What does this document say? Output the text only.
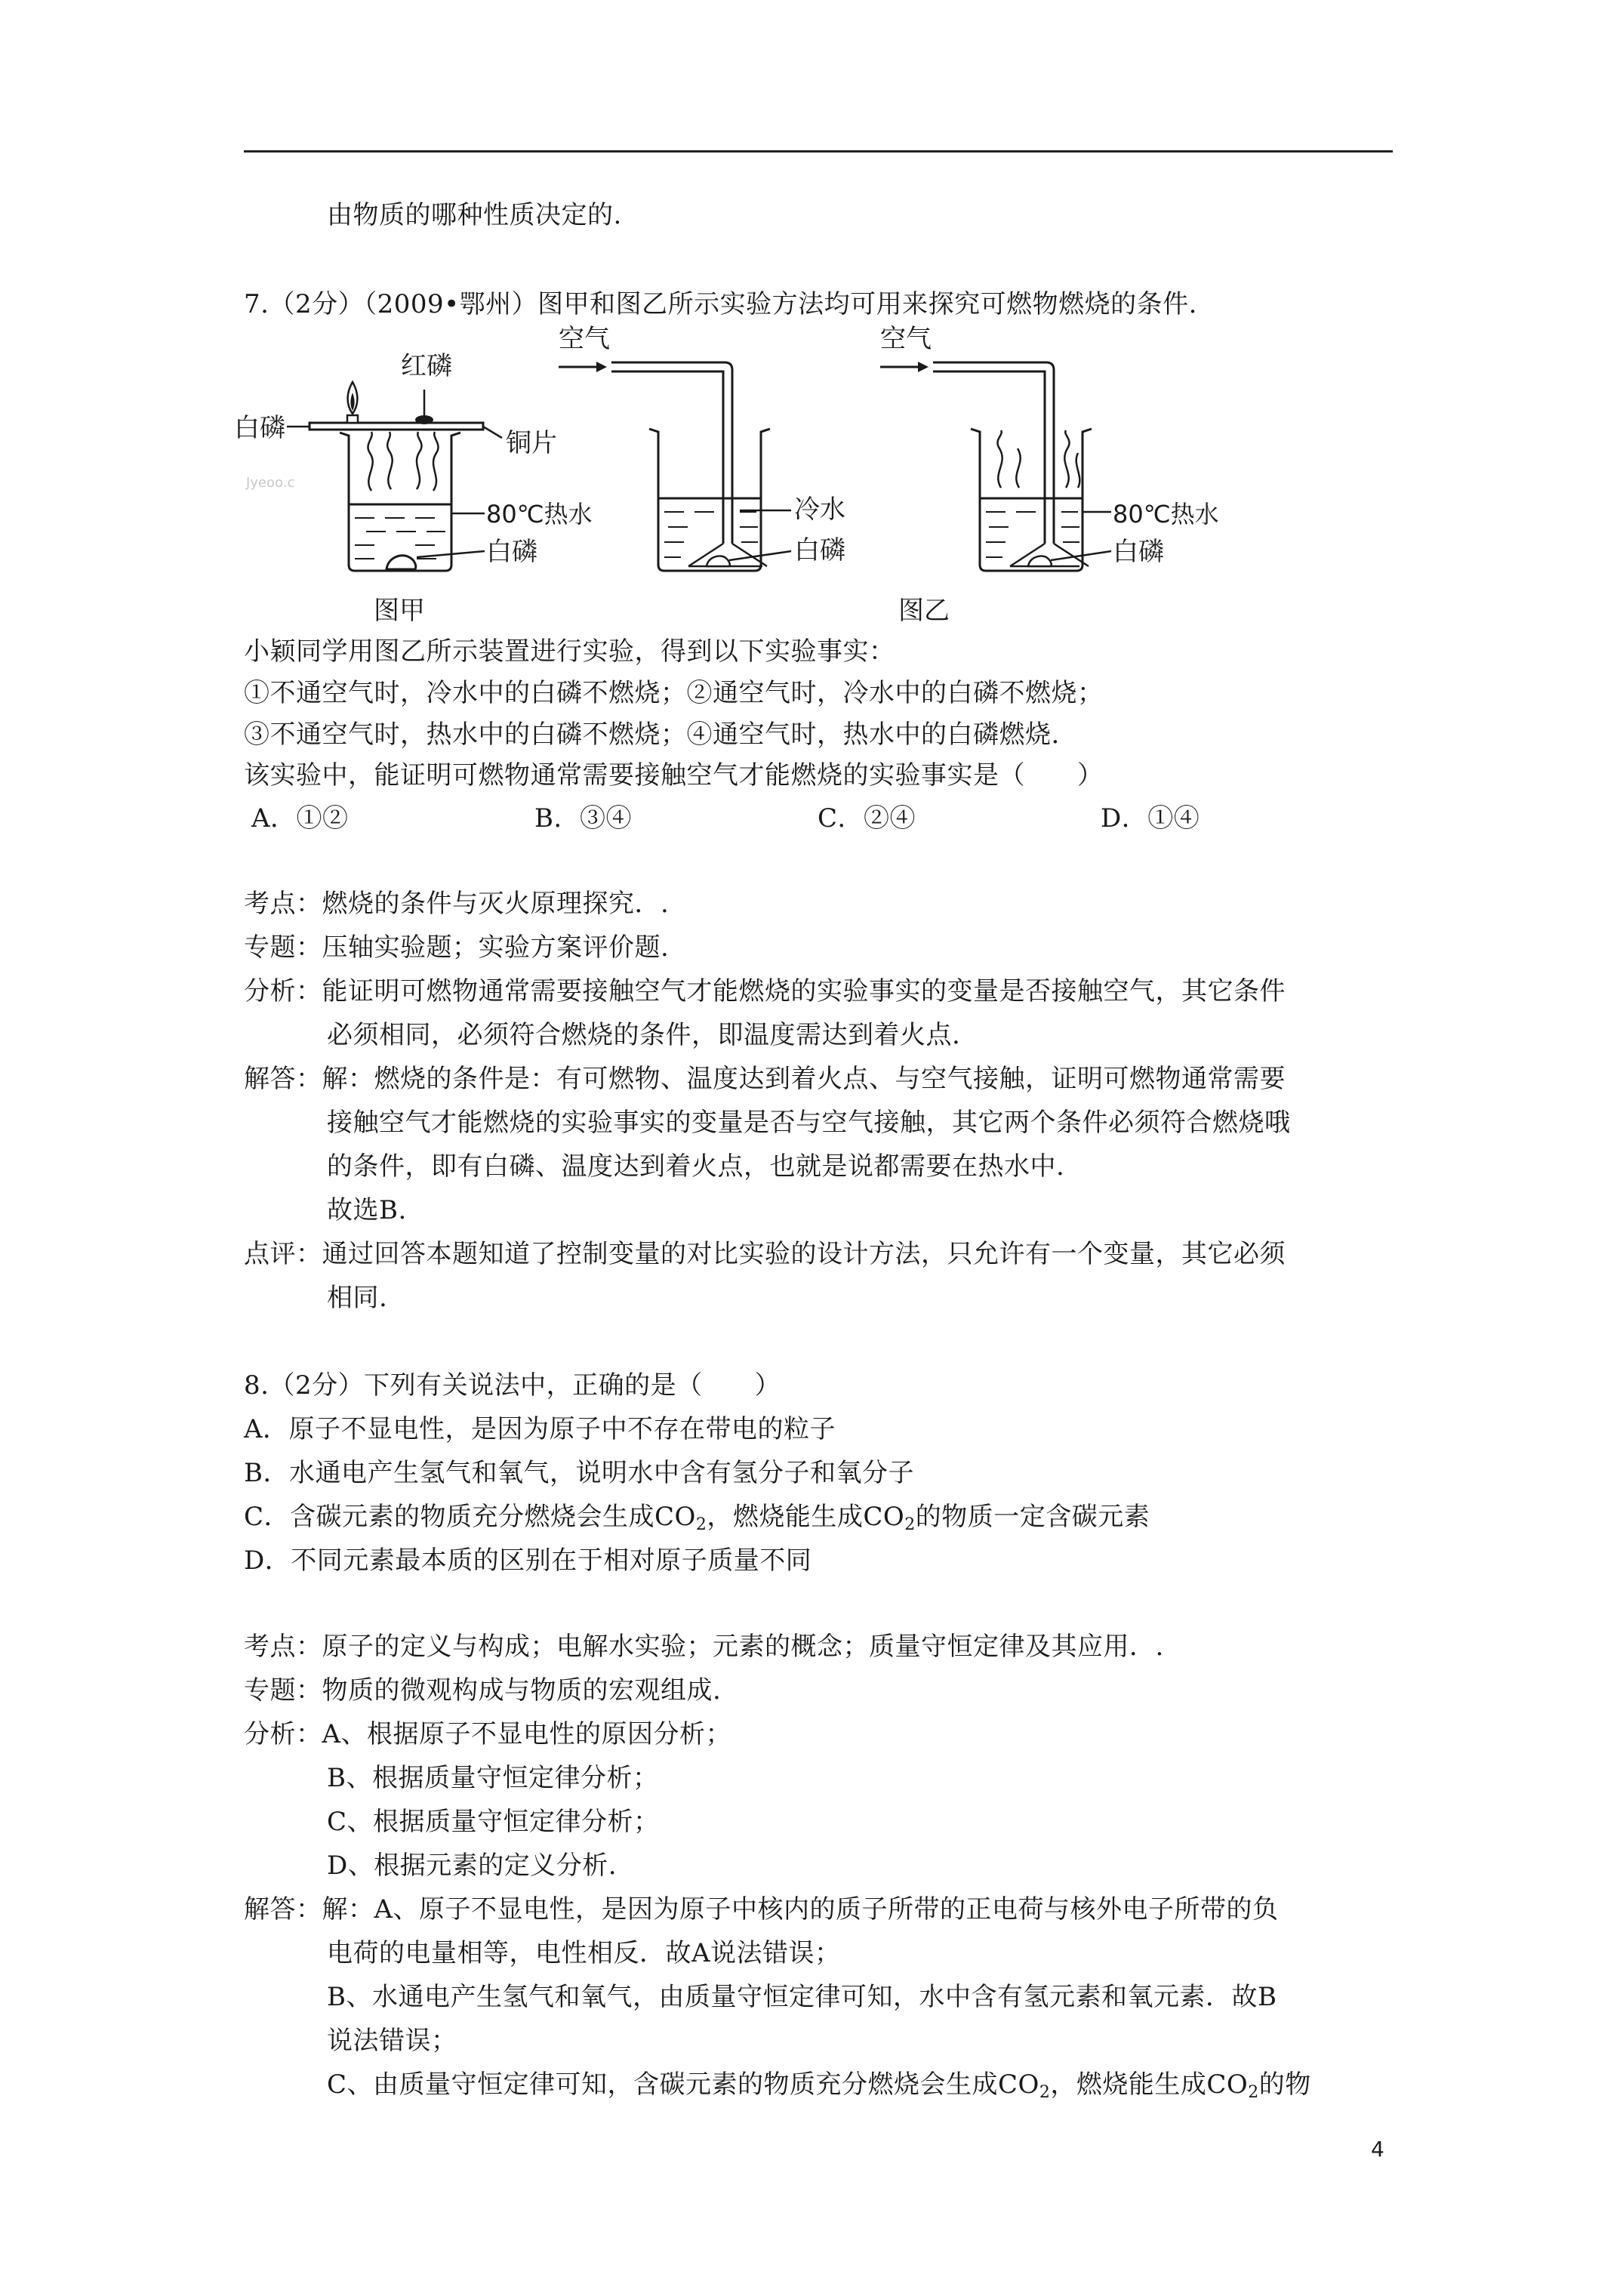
由物质的哪种性质决定的.
7.（2分）（2009•鄂州）图甲和图乙所示实验方法均可用来探究可燃物燃烧的条件.
红磷
白磷	铜片
80℃热水
白磷
Jyeoo.c
图甲
空气
冷水
白磷
空气
80℃热水
白磷
图乙
小颖同学用图乙所示装置进行实验，得到以下实验事实：
①不通空气时，冷水中的白磷不燃烧；②通空气时，冷水中的白磷不燃烧；
③不通空气时，热水中的白磷不燃烧；④通空气时，热水中的白磷燃烧.
该实验中，能证明可燃物通常需要接触空气才能燃烧的实验事实是（　　）
A．①②	B．③④	C．②④	D．①④
考点：燃烧的条件与灭火原理探究．.
专题：压轴实验题；实验方案评价题.
分析：能证明可燃物通常需要接触空气才能燃烧的实验事实的变量是否接触空气，其它条件
必须相同，必须符合燃烧的条件，即温度需达到着火点.
解答：解：燃烧的条件是：有可燃物、温度达到着火点、与空气接触，证明可燃物通常需要
接触空气才能燃烧的实验事实的变量是否与空气接触，其它两个条件必须符合燃烧哦
的条件，即有白磷、温度达到着火点，也就是说都需要在热水中.
故选B.
点评：通过回答本题知道了控制变量的对比实验的设计方法，只允许有一个变量，其它必须
相同.
8.（2分）下列有关说法中，正确的是（　　）
A．原子不显电性，是因为原子中不存在带电的粒子
B．水通电产生氢气和氧气，说明水中含有氢分子和氧分子
C．含碳元素的物质充分燃烧会生成$CO_2$，燃烧能生成$CO_2$的物质一定含碳元素
D．不同元素最本质的区别在于相对原子质量不同
考点：原子的定义与构成；电解水实验；元素的概念；质量守恒定律及其应用．.
专题：物质的微观构成与物质的宏观组成.
分析：A、根据原子不显电性的原因分析；
B、根据质量守恒定律分析；
C、根据质量守恒定律分析；
D、根据元素的定义分析.
解答：解：A、原子不显电性，是因为原子中核内的质子所带的正电荷与核外电子所带的负
电荷的电量相等，电性相反．故A说法错误；
B、水通电产生氢气和氧气，由质量守恒定律可知，水中含有氢元素和氧元素．故B
说法错误；
C、由质量守恒定律可知，含碳元素的物质充分燃烧会生成$CO_2$，燃烧能生成$CO_2$的物
4
